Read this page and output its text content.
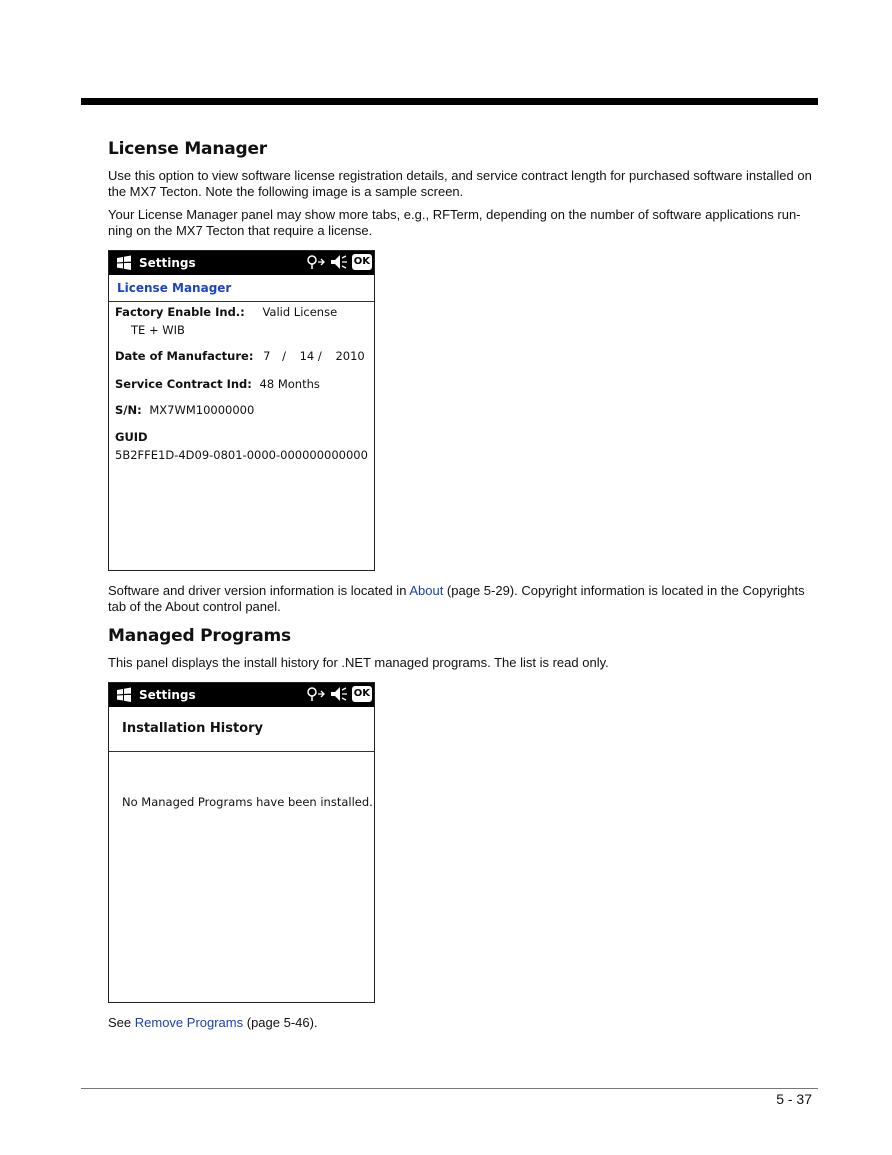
License Manager

Use this option to view software license registration details, and service contract length for purchased software installed on the MX7 Tecton. Note the following image is a sample screen.

Your License Manager panel may show more tabs, e.g., RFTerm, depending on the number of software applications run-ning on the MX7 Tecton that require a license.

Settings	OK
License Manager
Factory Enable Ind.: Valid License
TE + WIB
Date of Manufacture: 7 / 14 / 2010
Service Contract Ind: 48 Months
S/N: MX7WM10000000
GUID
5B2FFE1D-4D09-0801-0000-000000000000

Software and driver version information is located in About (page 5-29). Copyright information is located in the Copyrights tab of the About control panel.

Managed Programs

This panel displays the install history for .NET managed programs. The list is read only.

Settings	OK
Installation History
No Managed Programs have been installed.

See Remove Programs (page 5-46).

5 - 37
